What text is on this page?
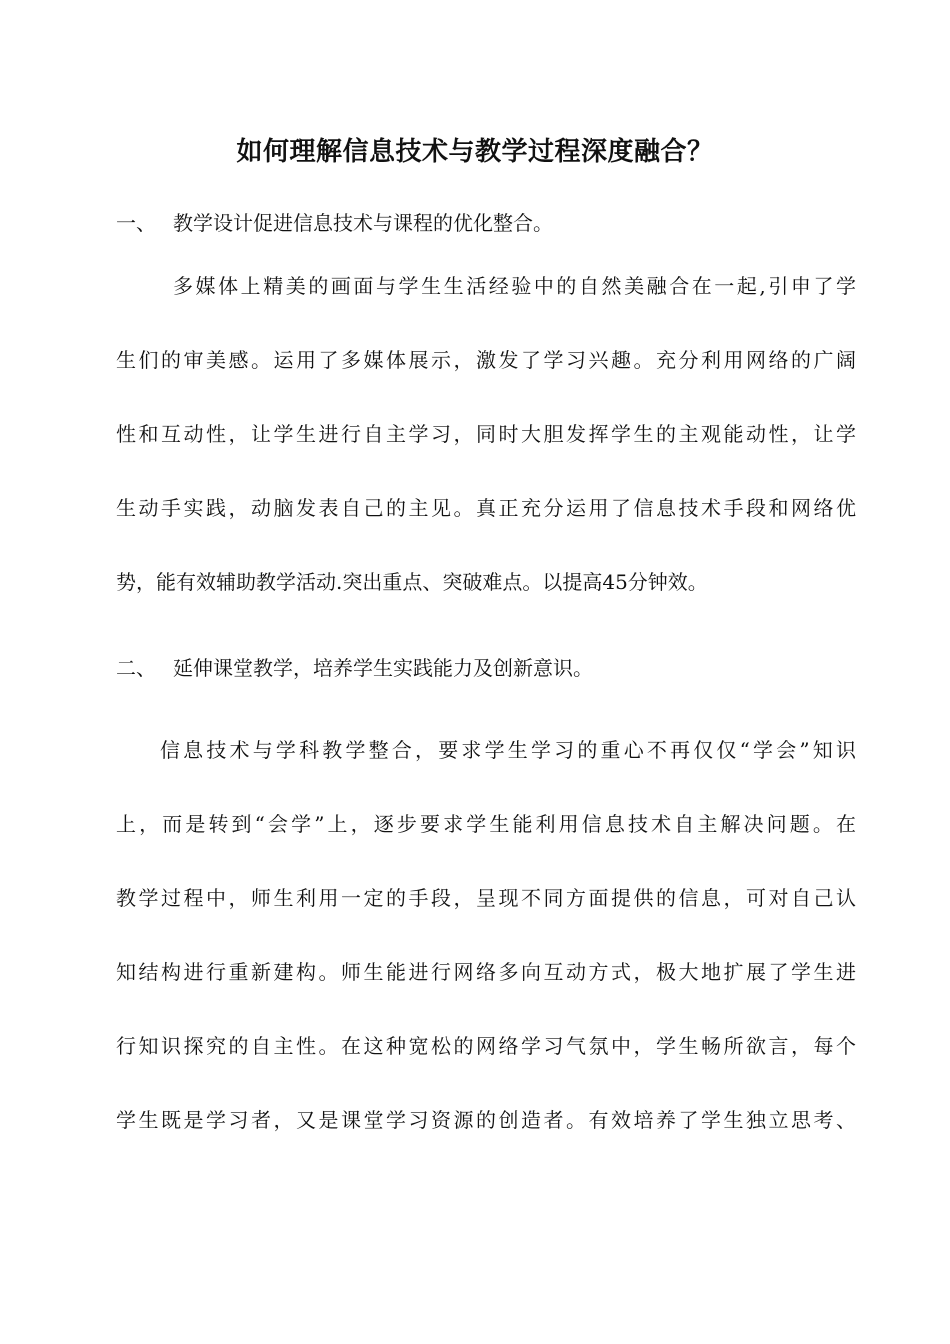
如何理解信息技术与教学过程深度融合？
一、 教学设计促进信息技术与课程的优化整合。
多媒体上精美的画面与学生生活经验中的自然美融合在一起,引申了学
生们的审美感。运用了多媒体展示，激发了学习兴趣。充分利用网络的广阔
性和互动性，让学生进行自主学习，同时大胆发挥学生的主观能动性，让学
生动手实践，动脑发表自己的主见。真正充分运用了信息技术手段和网络优
势，能有效辅助教学活动.突出重点、突破难点。以提高45分钟效。
二、 延伸课堂教学，培养学生实践能力及创新意识。
信息技术与学科教学整合，要求学生学习的重心不再仅仅“学会”知识
上，而是转到“会学”上，逐步要求学生能利用信息技术自主解决问题。在
教学过程中，师生利用一定的手段，呈现不同方面提供的信息，可对自己认
知结构进行重新建构。师生能进行网络多向互动方式，极大地扩展了学生进
行知识探究的自主性。在这种宽松的网络学习气氛中，学生畅所欲言，每个
学生既是学习者，又是课堂学习资源的创造者。有效培养了学生独立思考、
